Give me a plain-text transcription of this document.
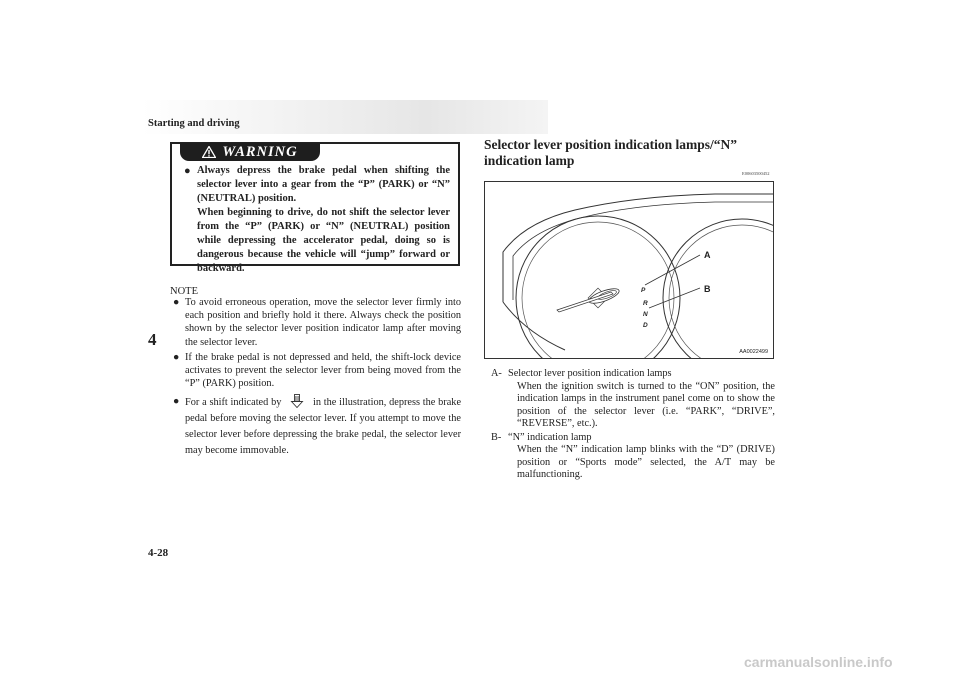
Starting and driving
4
4-28
WARNING
● Always depress the brake pedal when shifting the selector lever into a gear from the “P” (PARK) or “N” (NEUTRAL) position.

When beginning to drive, do not shift the selector lever from the “P” (PARK) or “N” (NEUTRAL) position while depressing the accelerator pedal, doing so is dangerous because the vehicle will “jump” forward or backward.

NOTE
● To avoid erroneous operation, move the selector lever firmly into each position and briefly hold it there. Always check the position shown by the selector lever position indicator lamp after moving the selector lever.
● If the brake pedal is not depressed and held, the shift-lock device activates to prevent the selector lever from being moved from the “P” (PARK) position.
● For a shift indicated by	in the illustration, depress the brake pedal before moving the selector lever. If you attempt to move the selector lever before depressing the brake pedal, the selector lever may become immovable.
Selector lever position indication lamps/“N” indication lamp
E00603500452
P
R
N
D
A
B
AA0022499
A- Selector lever position indication lamps
When the ignition switch is turned to the “ON” position, the indication lamps in the instrument panel come on to show the position of the selector lever (i.e. “PARK”, “DRIVE”, “REVERSE”, etc.).
B- “N” indication lamp
When the “N” indication lamp blinks with the “D” (DRIVE) position or “Sports mode” selected, the A/T may be malfunctioning.
carmanualsonline.info
